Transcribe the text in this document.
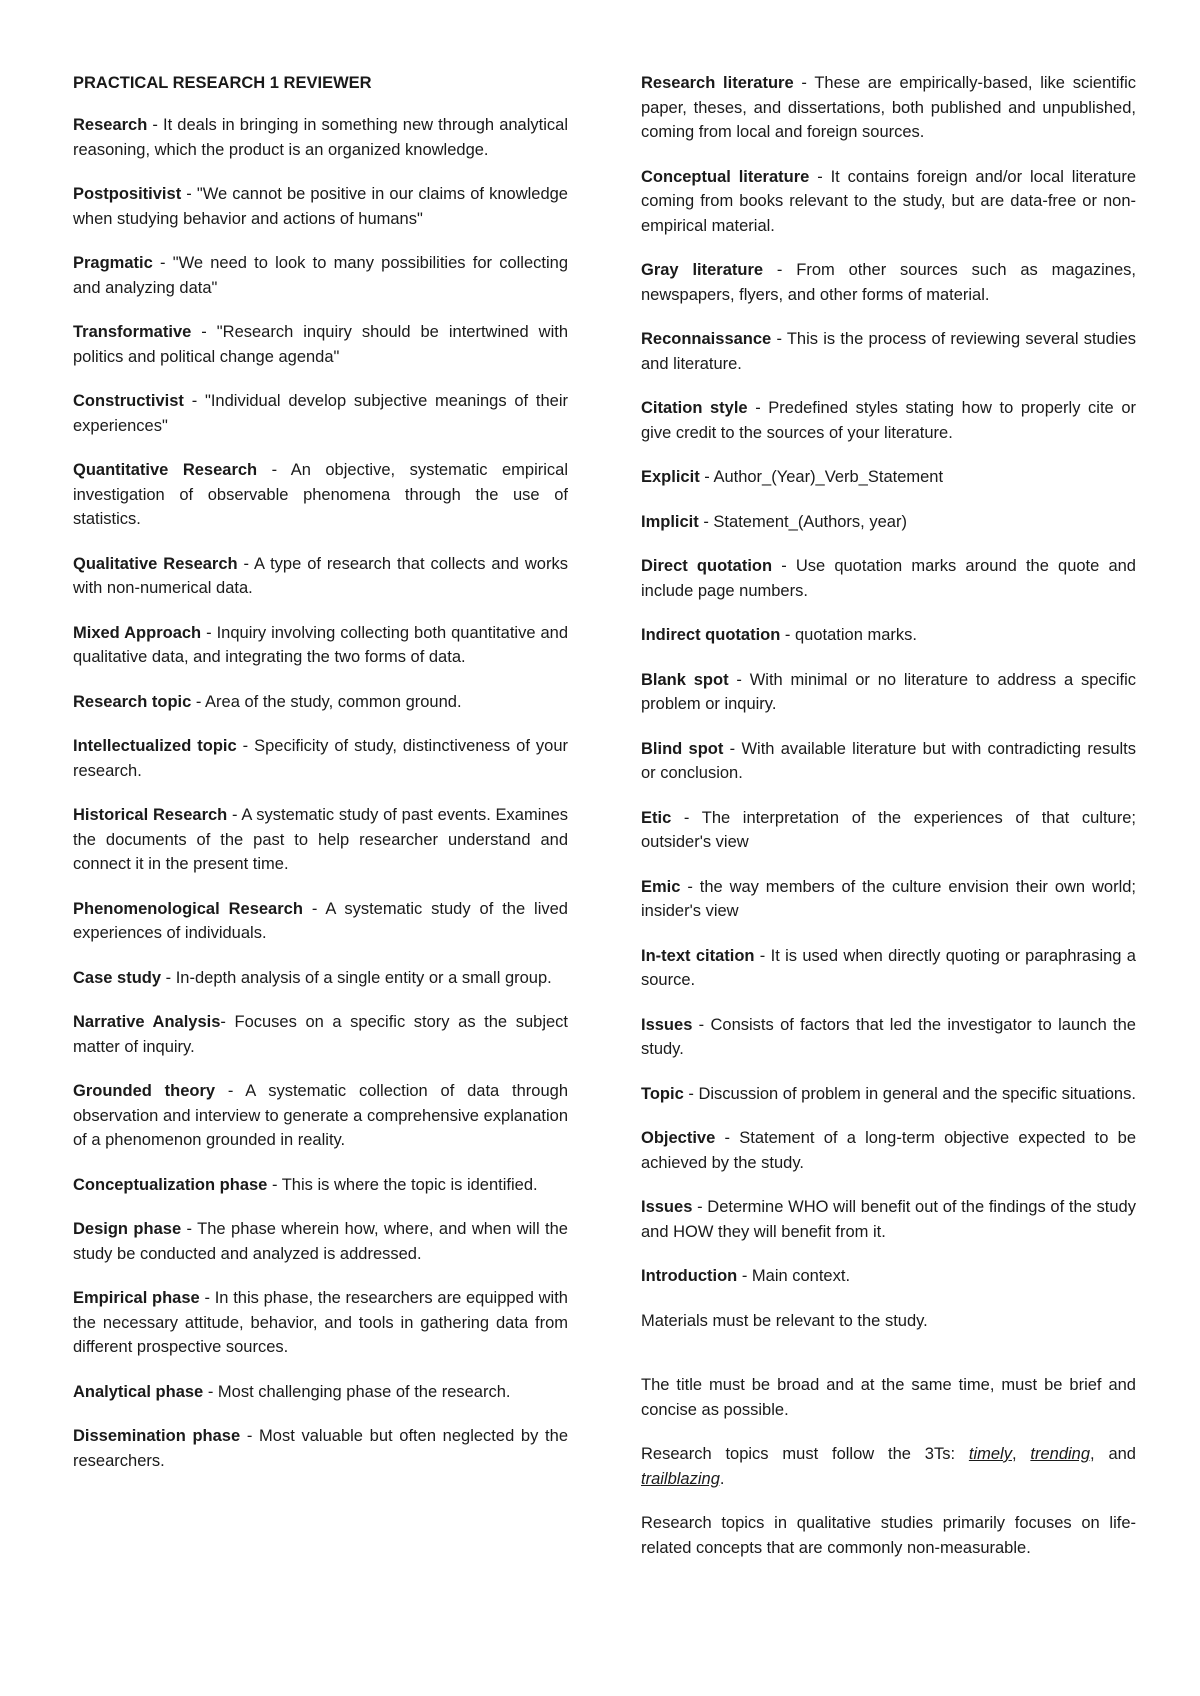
PRACTICAL RESEARCH 1 REVIEWER
Research - It deals in bringing in something new through analytical reasoning, which the product is an organized knowledge.
Postpositivist - "We cannot be positive in our claims of knowledge when studying behavior and actions of humans"
Pragmatic - "We need to look to many possibilities for collecting and analyzing data"
Transformative - "Research inquiry should be intertwined with politics and political change agenda"
Constructivist - "Individual develop subjective meanings of their experiences"
Quantitative Research - An objective, systematic empirical investigation of observable phenomena through the use of statistics.
Qualitative Research - A type of research that collects and works with non-numerical data.
Mixed Approach - Inquiry involving collecting both quantitative and qualitative data, and integrating the two forms of data.
Research topic - Area of the study, common ground.
Intellectualized topic - Specificity of study, distinctiveness of your research.
Historical Research - A systematic study of past events. Examines the documents of the past to help researcher understand and connect it in the present time.
Phenomenological Research - A systematic study of the lived experiences of individuals.
Case study - In-depth analysis of a single entity or a small group.
Narrative Analysis- Focuses on a specific story as the subject matter of inquiry.
Grounded theory - A systematic collection of data through observation and interview to generate a comprehensive explanation of a phenomenon grounded in reality.
Conceptualization phase - This is where the topic is identified.
Design phase - The phase wherein how, where, and when will the study be conducted and analyzed is addressed.
Empirical phase - In this phase, the researchers are equipped with the necessary attitude, behavior, and tools in gathering data from different prospective sources.
Analytical phase - Most challenging phase of the research.
Dissemination phase - Most valuable but often neglected by the researchers.
Research literature - These are empirically-based, like scientific paper, theses, and dissertations, both published and unpublished, coming from local and foreign sources.
Conceptual literature - It contains foreign and/or local literature coming from books relevant to the study, but are data-free or non-empirical material.
Gray literature - From other sources such as magazines, newspapers, flyers, and other forms of material.
Reconnaissance - This is the process of reviewing several studies and literature.
Citation style - Predefined styles stating how to properly cite or give credit to the sources of your literature.
Explicit - Author_(Year)_Verb_Statement
Implicit - Statement_(Authors, year)
Direct quotation - Use quotation marks around the quote and include page numbers.
Indirect quotation - quotation marks.
Blank spot - With minimal or no literature to address a specific problem or inquiry.
Blind spot - With available literature but with contradicting results or conclusion.
Etic - The interpretation of the experiences of that culture; outsider's view
Emic - the way members of the culture envision their own world; insider's view
In-text citation - It is used when directly quoting or paraphrasing a source.
Issues - Consists of factors that led the investigator to launch the study.
Topic - Discussion of problem in general and the specific situations.
Objective - Statement of a long-term objective expected to be achieved by the study.
Issues - Determine WHO will benefit out of the findings of the study and HOW they will benefit from it.
Introduction - Main context.
Materials must be relevant to the study.
The title must be broad and at the same time, must be brief and concise as possible.
Research topics must follow the 3Ts: timely, trending, and trailblazing.
Research topics in qualitative studies primarily focuses on life-related concepts that are commonly non-measurable.
